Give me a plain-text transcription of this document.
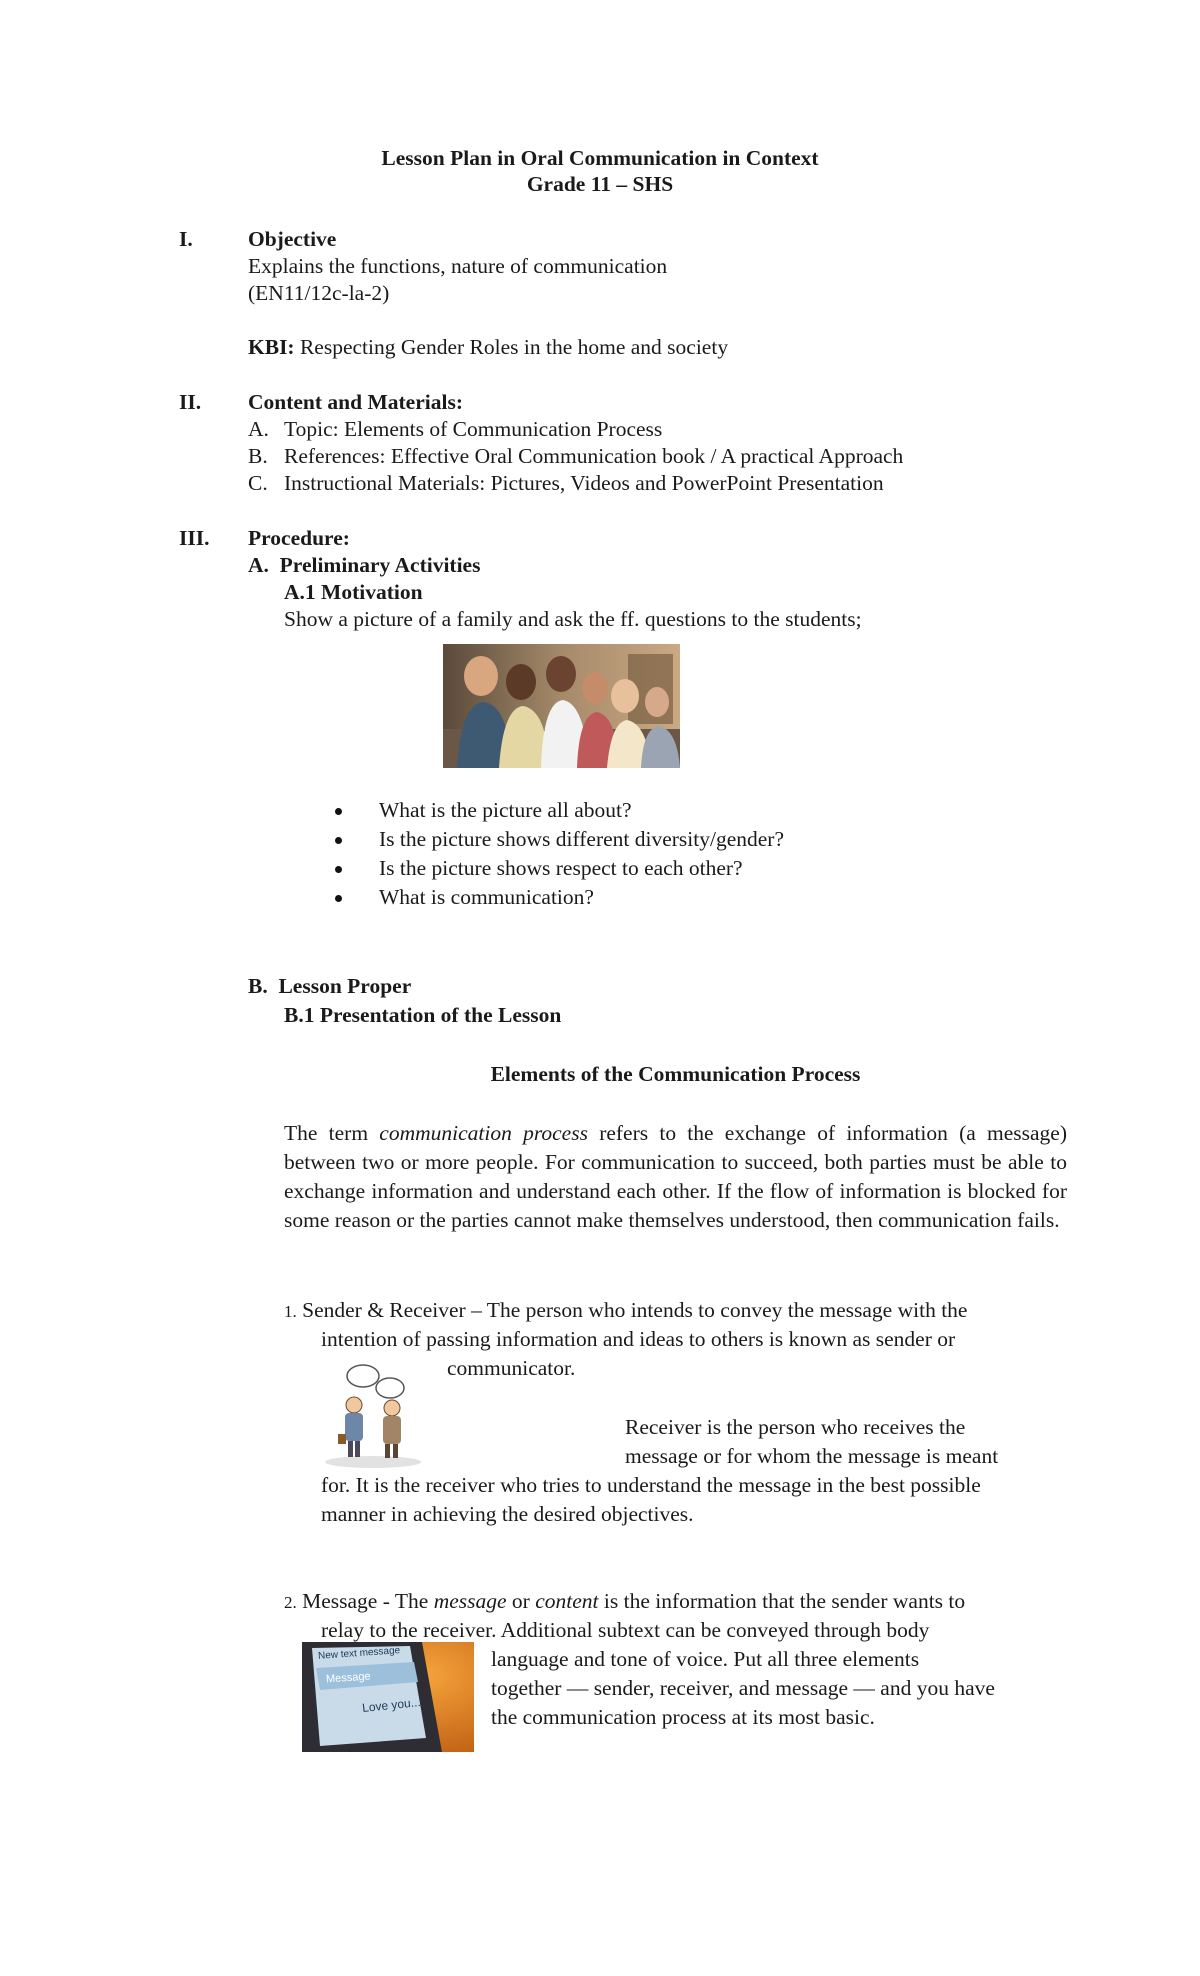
Lesson Plan in Oral Communication in Context
Grade 11 – SHS
I.	Objective
Explains the functions, nature of communication
(EN11/12c-la-2)
KBI: Respecting Gender Roles in the home and society
II. Content and Materials:
A. Topic: Elements of Communication Process
B. References: Effective Oral Communication book / A practical Approach
C. Instructional Materials: Pictures, Videos and PowerPoint Presentation
III. Procedure:
A.  Preliminary Activities
A.1 Motivation
Show a picture of a family and ask the ff. questions to the students;
What is the picture all about?
Is the picture shows different diversity/gender?
Is the picture shows respect to each other?
What is communication?
B.  Lesson Proper
B.1 Presentation of the Lesson
Elements of the Communication Process
The term communication process refers to the exchange of information (a message) between two or more people. For communication to succeed, both parties must be able to exchange information and understand each other. If the flow of information is blocked for some reason or the parties cannot make themselves understood, then communication fails.
1. Sender & Receiver – The person who intends to convey the message with the
intention of passing information and ideas to others is known as sender or
communicator.
Receiver is the person who receives the
message or for whom the message is meant
for. It is the receiver who tries to understand the message in the best possible
manner in achieving the desired objectives.
2. Message - The message or content is the information that the sender wants to
relay to the receiver. Additional subtext can be conveyed through body
New text message
Message
Love you...
language and tone of voice. Put all three elements
together — sender, receiver, and message — and you have
the communication process at its most basic.
